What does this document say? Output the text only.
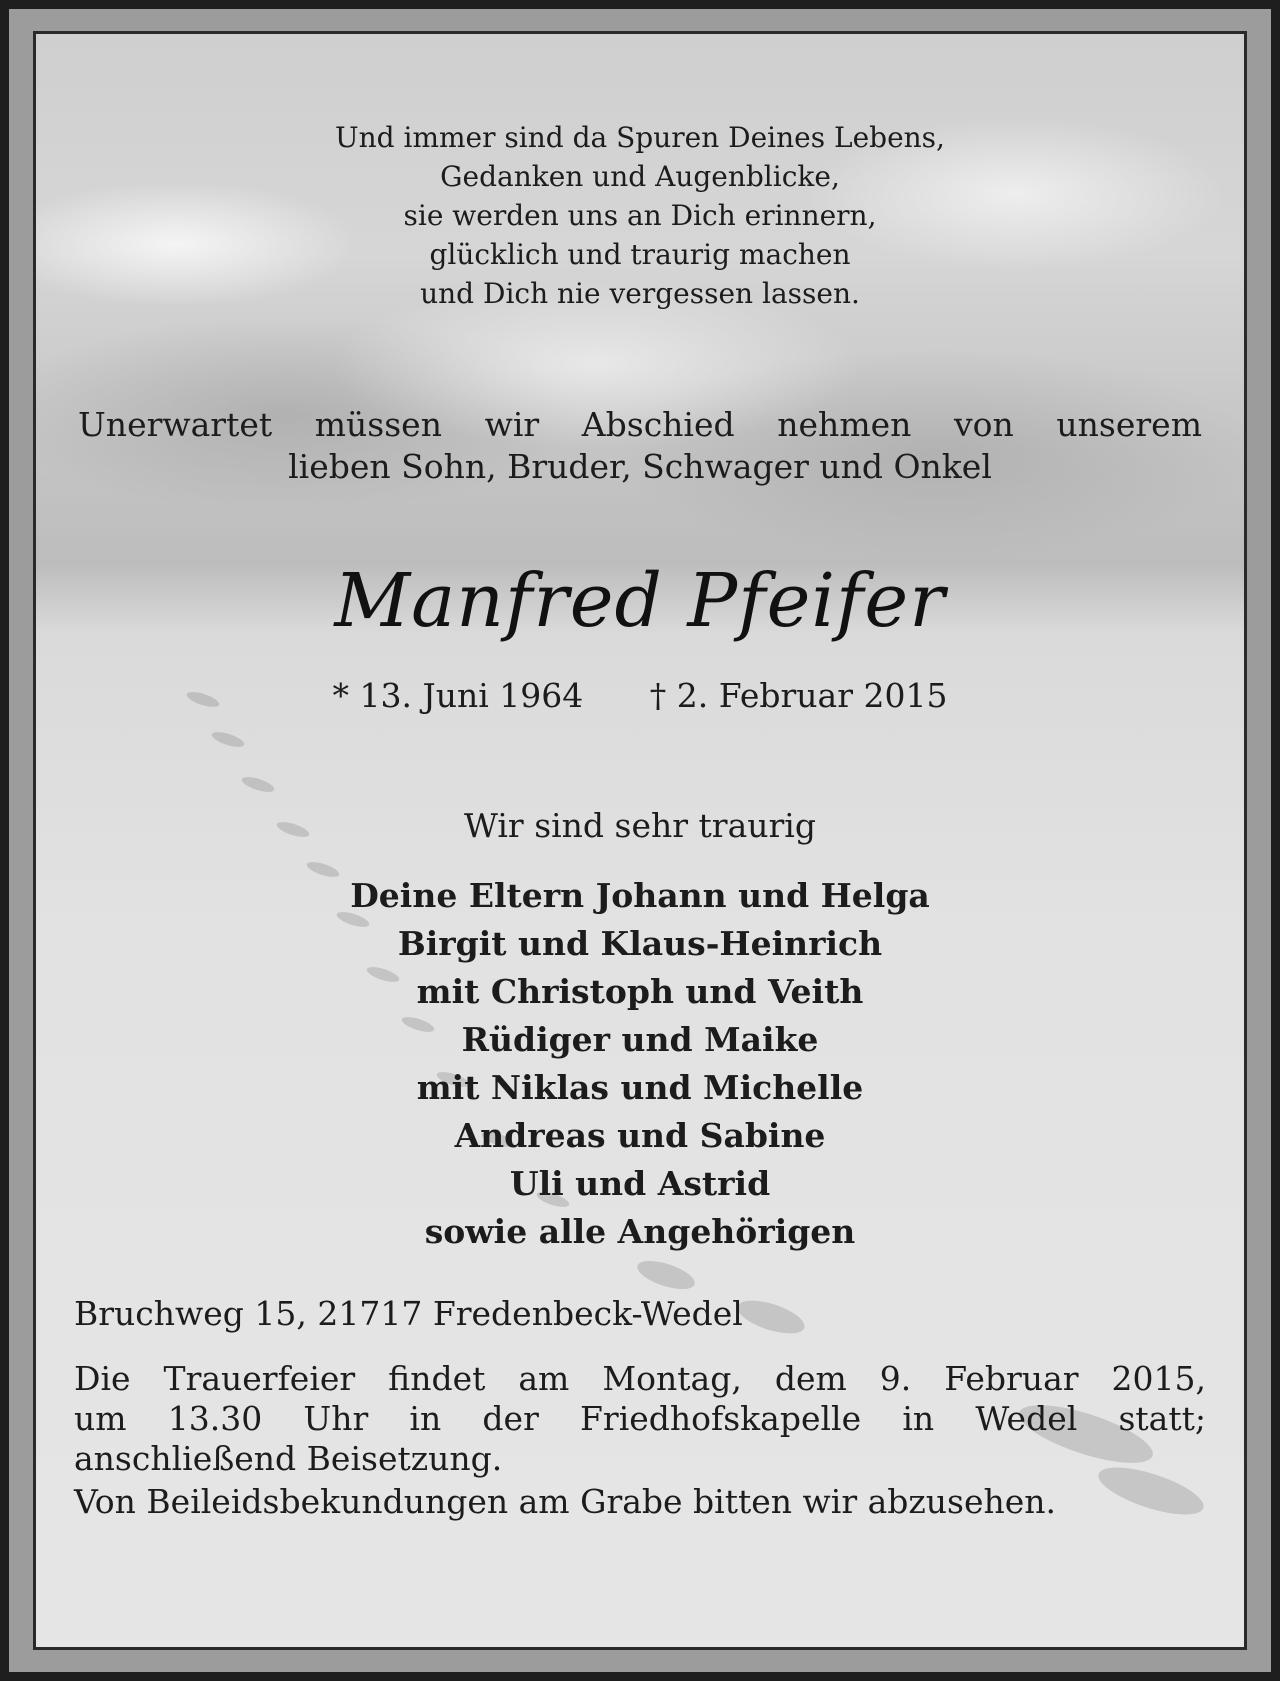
Und immer sind da Spuren Deines Lebens,
Gedanken und Augenblicke,
sie werden uns an Dich erinnern,
glücklich und traurig machen
und Dich nie vergessen lassen.
Unerwartet müssen wir Abschied nehmen von unserem
lieben Sohn, Bruder, Schwager und Onkel
Manfred Pfeifer
* 13. Juni 1964 † 2. Februar 2015
Wir sind sehr traurig
Deine Eltern Johann und Helga
Birgit und Klaus-Heinrich
mit Christoph und Veith
Rüdiger und Maike
mit Niklas und Michelle
Andreas und Sabine
Uli und Astrid
sowie alle Angehörigen
Bruchweg 15, 21717 Fredenbeck-Wedel
Die Trauerfeier findet am Montag, dem 9. Februar 2015,
um 13.30 Uhr in der Friedhofskapelle in Wedel statt;
anschließend Beisetzung.
Von Beileidsbekundungen am Grabe bitten wir abzusehen.
